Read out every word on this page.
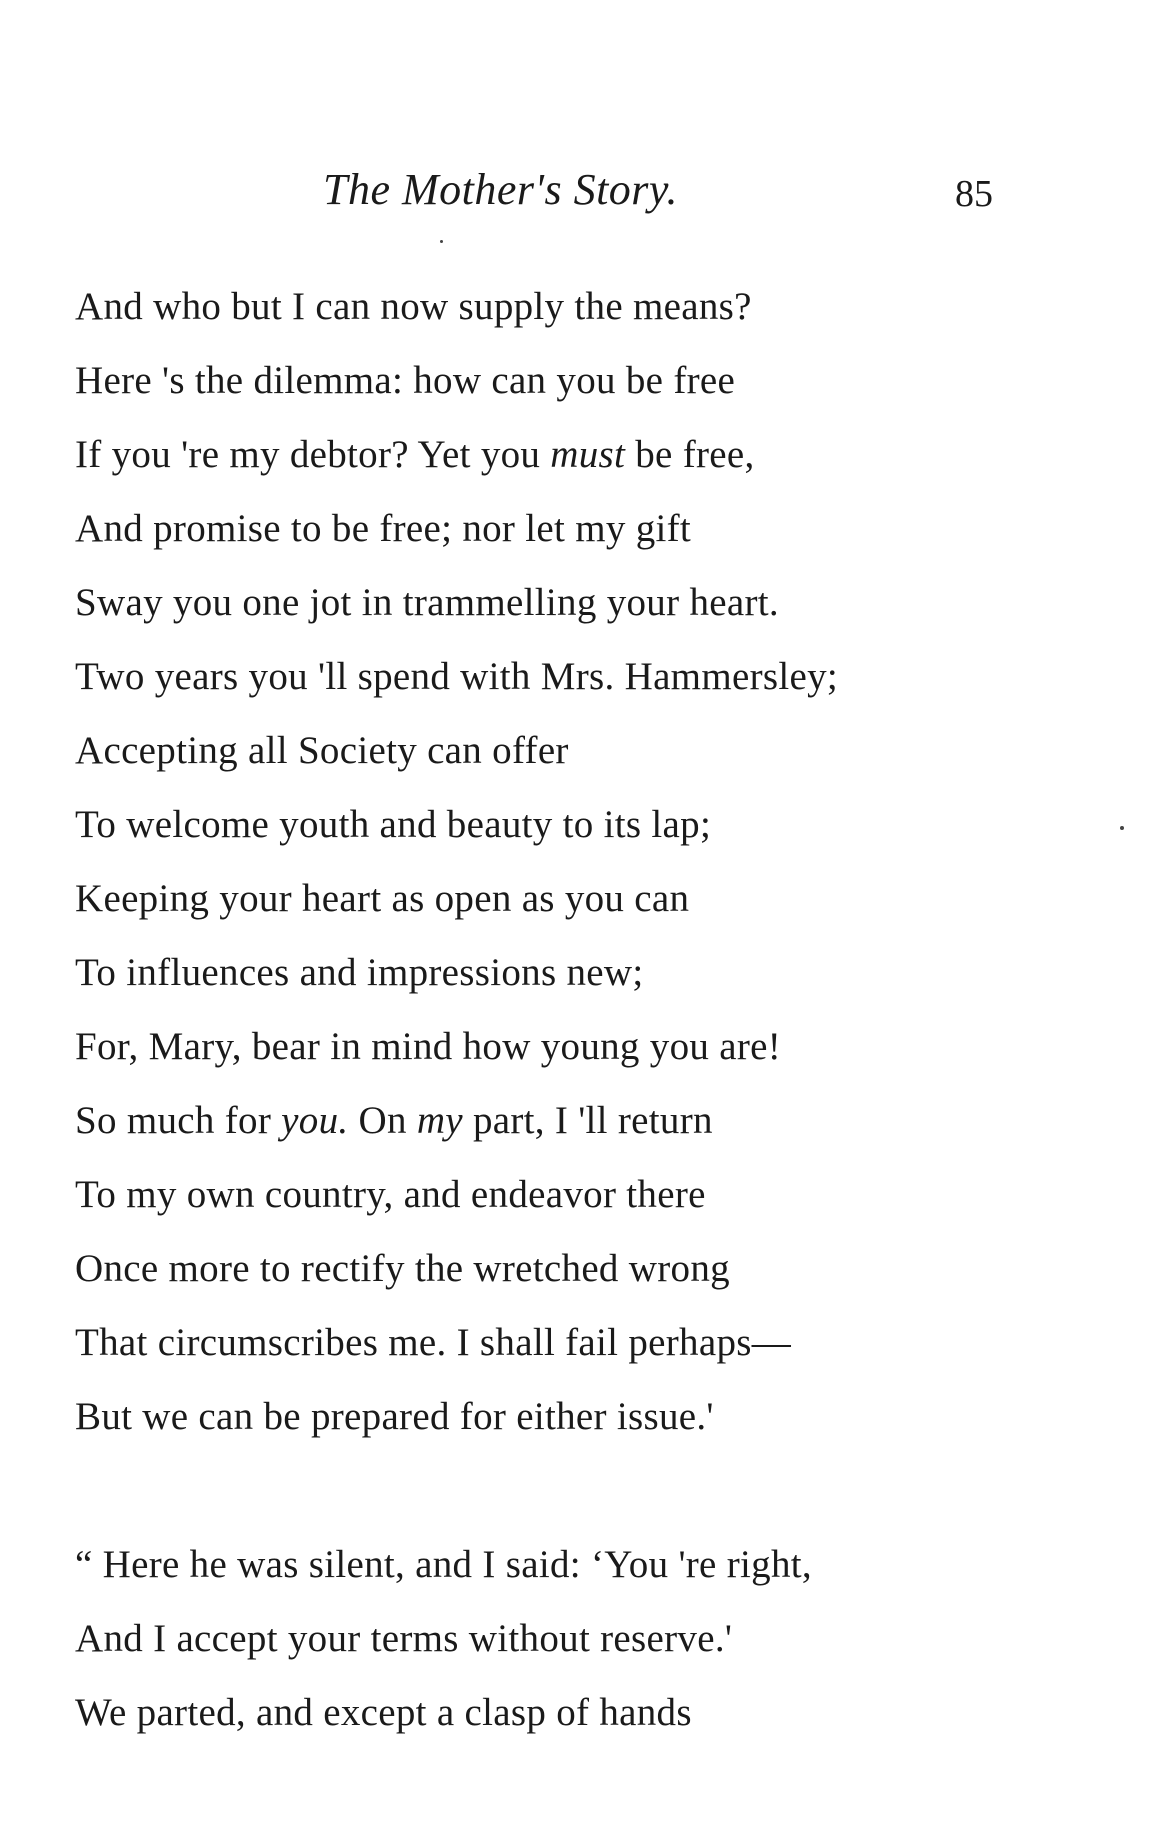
The Mother's Story.	85
And who but I can now supply the means?
Here 's the dilemma: how can you be free
If you 're my debtor? Yet you must be free,
And promise to be free; nor let my gift
Sway you one jot in trammelling your heart.
Two years you 'll spend with Mrs. Hammersley;
Accepting all Society can offer
To welcome youth and beauty to its lap;
Keeping your heart as open as you can
To influences and impressions new;
For, Mary, bear in mind how young you are!
So much for you. On my part, I 'll return
To my own country, and endeavor there
Once more to rectify the wretched wrong
That circumscribes me. I shall fail perhaps—
But we can be prepared for either issue.'
“ Here he was silent, and I said: ‘You 're right,
And I accept your terms without reserve.'
We parted, and except a clasp of hands
